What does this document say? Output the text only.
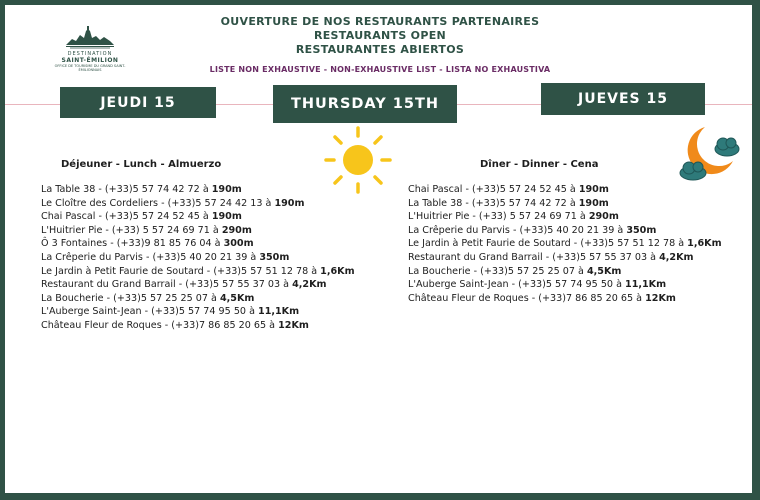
DESTINATION
SAINT-ÉMILION
OFFICE DE TOURISME DU GRAND SAINT-ÉMILIONNAIS
OUVERTURE DE NOS RESTAURANTS PARTENAIRES
RESTAURANTS OPEN
RESTAURANTES ABIERTOS
LISTE NON EXHAUSTIVE - NON-EXHAUSTIVE LIST - LISTA NO EXHAUSTIVA
JEUDI 15	THURSDAY 15TH	JUEVES 15
Déjeuner - Lunch - Almuerzo	Dîner - Dinner - Cena
La Table 38 - (+33)5 57 74 42 72 à 190m
Le Cloître des Cordeliers - (+33)5 57 24 42 13 à 190m
Chai Pascal - (+33)5 57 24 52 45 à 190m
L'Huitrier Pie - (+33) 5 57 24 69 71 à 290m
Ô 3 Fontaines - (+33)9 81 85 76 04 à 300m
La Crêperie du Parvis - (+33)5 40 20 21 39 à 350m
Le Jardin à Petit Faurie de Soutard - (+33)5 57 51 12 78 à 1,6Km
Restaurant du Grand Barrail - (+33)5 57 55 37 03 à 4,2Km
La Boucherie - (+33)5 57 25 25 07 à 4,5Km
L'Auberge Saint-Jean - (+33)5 57 74 95 50 à 11,1Km
Château Fleur de Roques - (+33)7 86 85 20 65 à 12Km
Chai Pascal - (+33)5 57 24 52 45 à 190m
La Table 38 - (+33)5 57 74 42 72 à 190m
L'Huitrier Pie - (+33) 5 57 24 69 71 à 290m
La Crêperie du Parvis - (+33)5 40 20 21 39 à 350m
Le Jardin à Petit Faurie de Soutard - (+33)5 57 51 12 78 à 1,6Km
Restaurant du Grand Barrail - (+33)5 57 55 37 03 à 4,2Km
La Boucherie - (+33)5 57 25 25 07 à 4,5Km
L'Auberge Saint-Jean - (+33)5 57 74 95 50 à 11,1Km
Château Fleur de Roques - (+33)7 86 85 20 65 à 12Km
